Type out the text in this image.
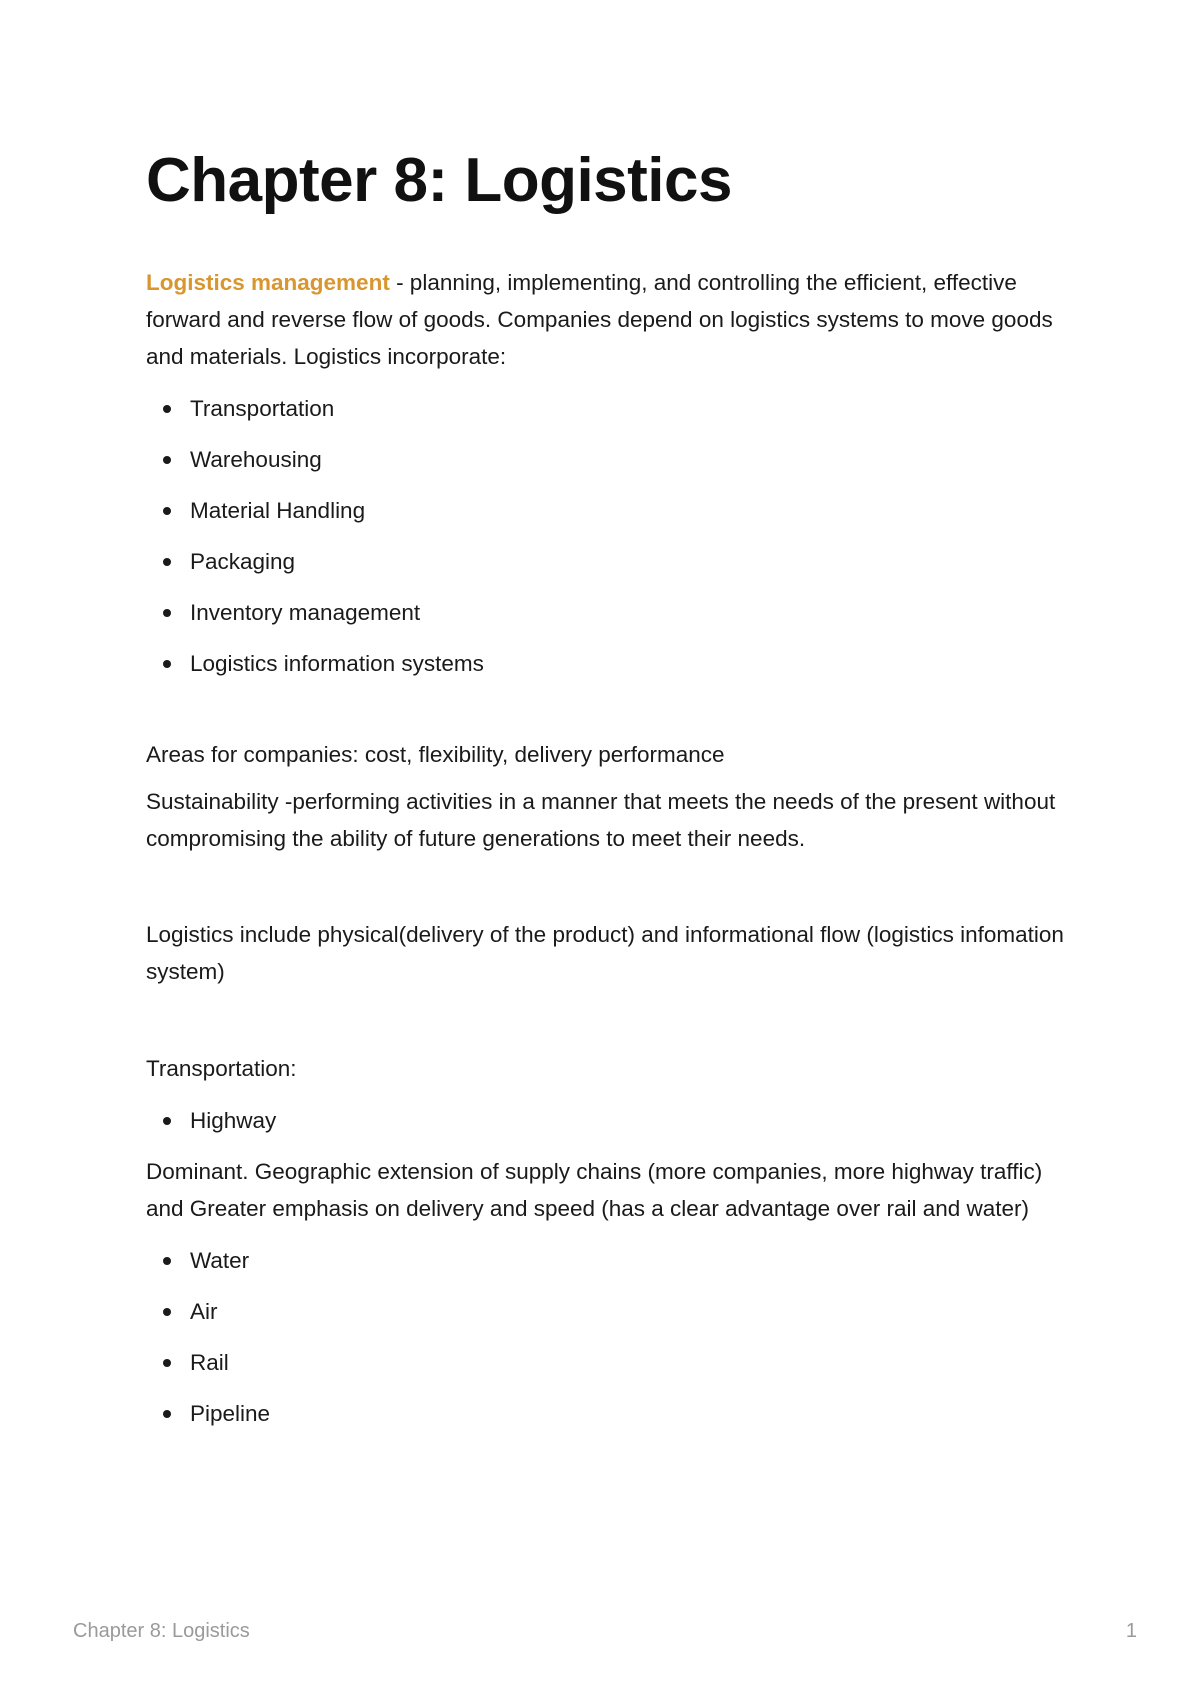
Chapter 8: Logistics

Logistics management - planning, implementing, and controlling the efficient, effective forward and reverse flow of goods. Companies depend on logistics systems to move goods and materials. Logistics incorporate:

Transportation
Warehousing
Material Handling
Packaging
Inventory management
Logistics information systems

Areas for companies: cost, flexibility, delivery performance

Sustainability -performing activities in a manner that meets the needs of the present without compromising the ability of future generations to meet their needs.

Logistics include physical(delivery of the product) and informational flow (logistics infomation system)

Transportation:

Highway

Dominant. Geographic extension of supply chains (more companies, more highway traffic) and Greater emphasis on delivery and speed (has a clear advantage over rail and water)

Water
Air
Rail
Pipeline
Chapter 8: Logistics	1
